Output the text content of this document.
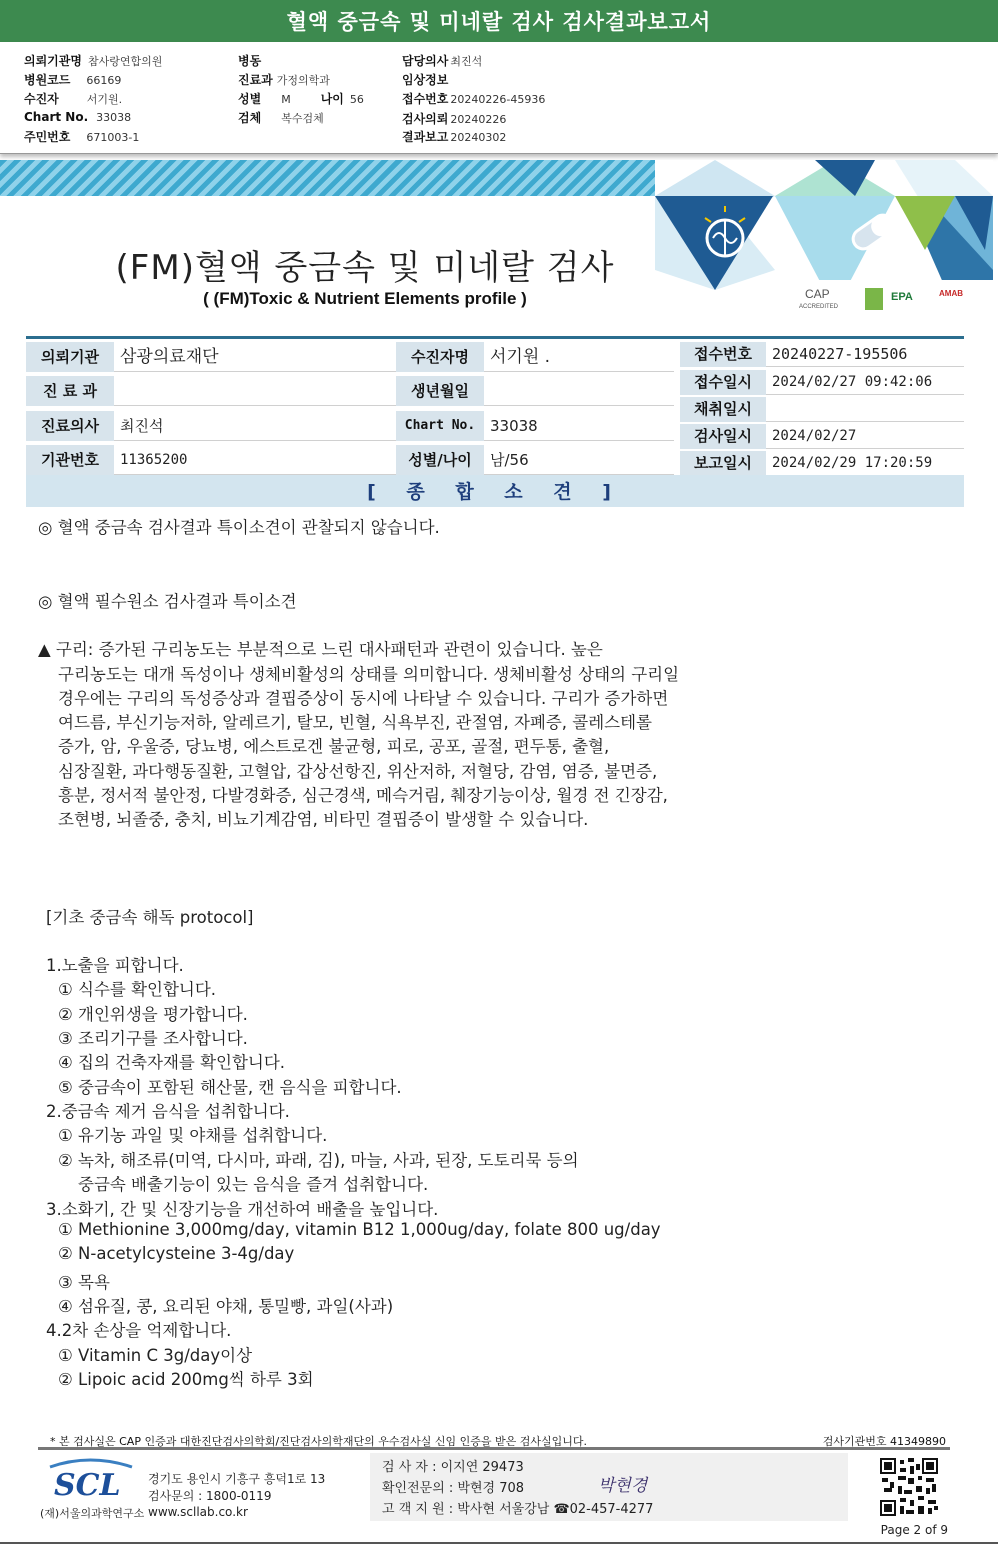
혈액 중금속 및 미네랄 검사 검사결과보고서
의뢰기관명 참사랑연합의원
병원코드 66169
수진자	서기원.
Chart No. 33038
주민번호 671003-1
병동
진료과 가정의학과
성별 M	나이 56
검체 복수검체
담당의사 최진석
임상정보
접수번호 20240226-45936
검사의뢰 20240226
결과보고 20240302
CAP
ACCREDITED
EPA	AMAB
(FM)혈액 중금속 및 미네랄 검사
( (FM)Toxic & Nutrient Elements profile )
의뢰기관	삼광의료재단
진 료 과
진료의사	최진석
기관번호	11365200
수진자명	서기원 .
생년월일
Chart No. 33038
성별/나이	남/56
접수번호	20240227-195506
접수일시	2024/02/27 09:42:06
채취일시
검사일시	2024/02/27
보고일시	2024/02/29 17:20:59
[ 종 합 소 견 ]
◎ 혈액 중금속 검사결과 특이소견이 관찰되지 않습니다.
◎ 혈액 필수원소 검사결과 특이소견
▲ 구리: 증가된 구리농도는 부분적으로 느린 대사패턴과 관련이 있습니다. 높은
구리농도는 대개 독성이나 생체비활성의 상태를 의미합니다. 생체비활성 상태의 구리일
경우에는 구리의 독성증상과 결핍증상이 동시에 나타날 수 있습니다. 구리가 증가하면
여드름, 부신기능저하, 알레르기, 탈모, 빈혈, 식욕부진, 관절염, 자폐증, 콜레스테롤
증가, 암, 우울증, 당뇨병, 에스트로겐 불균형, 피로, 공포, 골절, 편두통, 출혈,
심장질환, 과다행동질환, 고혈압, 갑상선항진, 위산저하, 저혈당, 감염, 염증, 불면증,
흥분, 정서적 불안정, 다발경화증, 심근경색, 메슥거림, 췌장기능이상, 월경 전 긴장감,
조현병, 뇌졸중, 충치, 비뇨기계감염, 비타민 결핍증이 발생할 수 있습니다.
[기초 중금속 해독 protocol]
1.노출을 피합니다.
① 식수를 확인합니다.
② 개인위생을 평가합니다.
③ 조리기구를 조사합니다.
④ 집의 건축자재를 확인합니다.
⑤ 중금속이 포함된 해산물, 캔 음식을 피합니다.
2.중금속 제거 음식을 섭취합니다.
① 유기농 과일 및 야채를 섭취합니다.
② 녹차, 해조류(미역, 다시마, 파래, 김), 마늘, 사과, 된장, 도토리묵 등의
중금속 배출기능이 있는 음식을 즐겨 섭취합니다.
3.소화기, 간 및 신장기능을 개선하여 배출을 높입니다.
① Methionine 3,000mg/day, vitamin B12 1,000ug/day, folate 800 ug/day
② N-acetylcysteine 3-4g/day
③ 목욕
④ 섬유질, 콩, 요리된 야채, 통밀빵, 과일(사과)
4.2차 손상을 억제합니다.
① Vitamin C 3g/day이상
② Lipoic acid 200mg씩 하루 3회
* 본 검사실은 CAP 인증과 대한진단검사의학회/진단검사의학재단의 우수검사실 신임 인증을 받은 검사실입니다.	검사기관번호 41349890
SCL
(재)서울의과학연구소
경기도 용인시 기흥구 흥덕1로 13
검사문의 : 1800-0119
www.scllab.co.kr
검 사 자 : 이지연 29473
확인전문의 : 박현경 708
고 객 지 원 : 박사현 서울강남 ☎02-457-4277
박현경
Page 2 of 9
